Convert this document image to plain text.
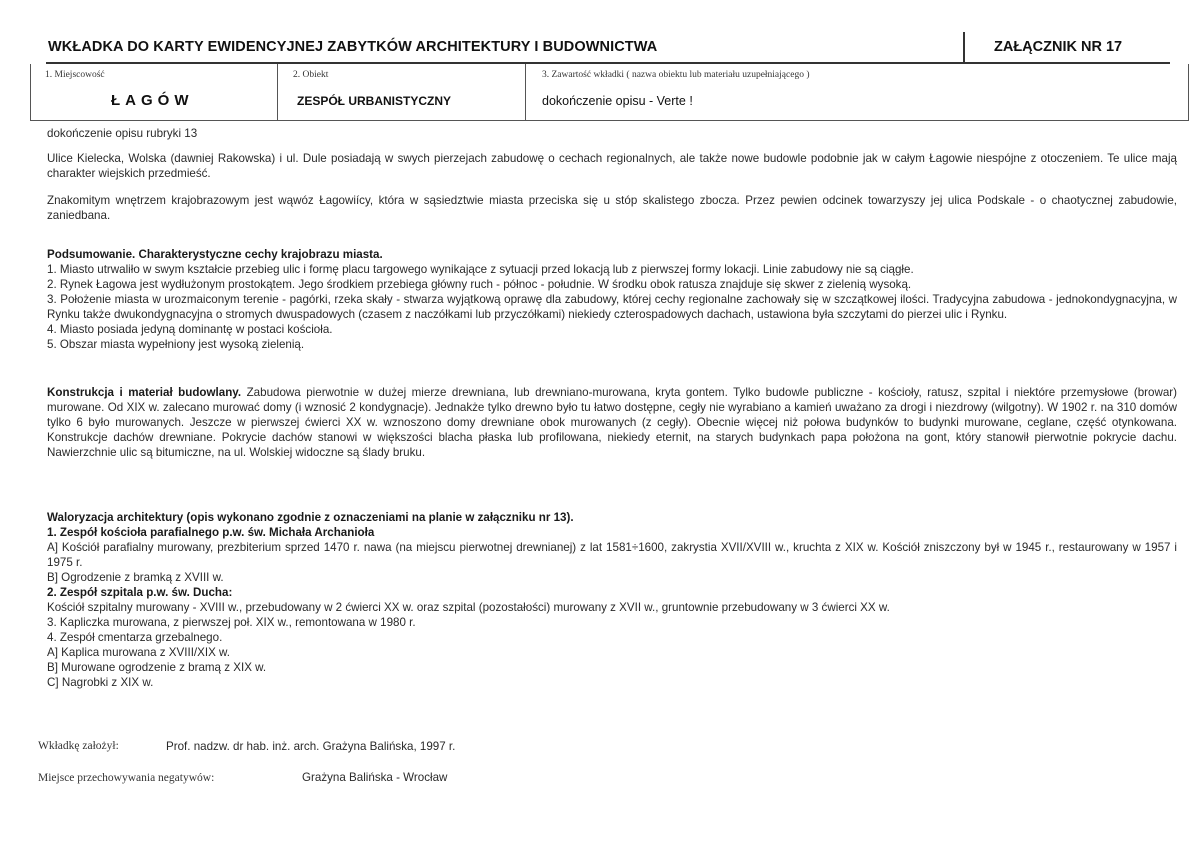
WKŁADKA DO KARTY EWIDENCYJNEJ ZABYTKÓW ARCHITEKTURY I BUDOWNICTWA	ZAŁĄCZNIK NR 17
1. Miejscowość
ŁAGÓW
2. Obiekt
ZESPÓŁ URBANISTYCZNY
3. Zawartość wkładki ( nazwa obiektu lub materiału uzupełniającego )
dokończenie opisu - Verte !

dokończenie opisu rubryki 13

Ulice Kielecka, Wolska (dawniej Rakowska) i ul. Dule posiadają w swych pierzejach zabudowę o cechach regionalnych, ale także nowe budowle podobnie jak w całym Łagowie niespójne z otoczeniem. Te ulice mają charakter wiejskich przedmieść.

Znakomitym wnętrzem krajobrazowym jest wąwóz Łagowiícy, która w sąsiedztwie miasta przeciska się u stóp skalistego zbocza. Przez pewien odcinek towarzyszy jej ulica Podskale - o chaotycznej zabudowie, zaniedbana.

Podsumowanie. Charakterystyczne cechy krajobrazu miasta.

1. Miasto utrwaliło w swym kształcie przebieg ulic i formę placu targowego wynikające z sytuacji przed lokacją lub z pierwszej formy lokacji. Linie zabudowy nie są ciągłe.

2. Rynek Łagowa jest wydłużonym prostokątem. Jego środkiem przebiega główny ruch - północ - południe. W środku obok ratusza znajduje się skwer z zielenią wysoką.

3. Położenie miasta w urozmaiconym terenie - pagórki, rzeka skały - stwarza wyjątkową oprawę dla zabudowy, której cechy regionalne zachowały się w szczątkowej ilości. Tradycyjna zabudowa - jednokondygnacyjna, w Rynku także dwukondygnacyjna o stromych dwuspadowych (czasem z naczółkami lub przyczółkami) niekiedy czterospadowych dachach, ustawiona była szczytami do pierzei ulic i Rynku.

4. Miasto posiada jedyną dominantę w postaci kościoła.

5. Obszar miasta wypełniony jest wysoką zielenią.

Konstrukcja i materiał budowlany. Zabudowa pierwotnie w dużej mierze drewniana, lub drewniano-murowana, kryta gontem. Tylko budowle publiczne - kościoły, ratusz, szpital i niektóre przemysłowe (browar) murowane. Od XIX w. zalecano murować domy (i wznosić 2 kondygnacje). Jednakże tylko drewno było tu łatwo dostępne, cegły nie wyrabiano a kamień uważano za drogi i niezdrowy (wilgotny). W 1902 r. na 310 domów tylko 6 było murowanych. Jeszcze w pierwszej ćwierci XX w. wznoszono domy drewniane obok murowanych (z cegły). Obecnie więcej niż połowa budynków to budynki murowane, ceglane, część otynkowana. Konstrukcje dachów drewniane. Pokrycie dachów stanowi w większości blacha płaska lub profilowana, niekiedy eternit, na starych budynkach papa położona na gont, który stanowił pierwotnie pokrycie dachu. Nawierzchnie ulic są bitumiczne, na ul. Wolskiej widoczne są ślady bruku.

Waloryzacja architektury (opis wykonano zgodnie z oznaczeniami na planie w załączniku nr 13).

1. Zespół kościoła parafialnego p.w. św. Michała Archanioła

A] Kościół parafialny murowany, prezbiterium sprzed 1470 r. nawa (na miejscu pierwotnej drewnianej) z lat 1581÷1600, zakrystia XVII/XVIII w., kruchta z XIX w. Kościół zniszczony był w 1945 r., restaurowany w 1957 i 1975 r.

B] Ogrodzenie z bramką z XVIII w.

2. Zespół szpitala p.w. św. Ducha:

Kościół szpitalny murowany - XVIII w., przebudowany w 2 ćwierci XX w. oraz szpital (pozostałości) murowany z XVII w., gruntownie przebudowany w 3 ćwierci XX w.

3. Kapliczka murowana, z pierwszej poł. XIX w., remontowana w 1980 r.

4. Zespół cmentarza grzebalnego.

A] Kaplica murowana z XVIII/XIX w.

B] Murowane ogrodzenie z bramą z XIX w.

C] Nagrobki z XIX w.

Wkładkę założył:	Prof. nadzw. dr hab. inż. arch. Grażyna Balińska, 1997 r.
Miejsce przechowywania negatywów:	Grażyna Balińska - Wrocław
